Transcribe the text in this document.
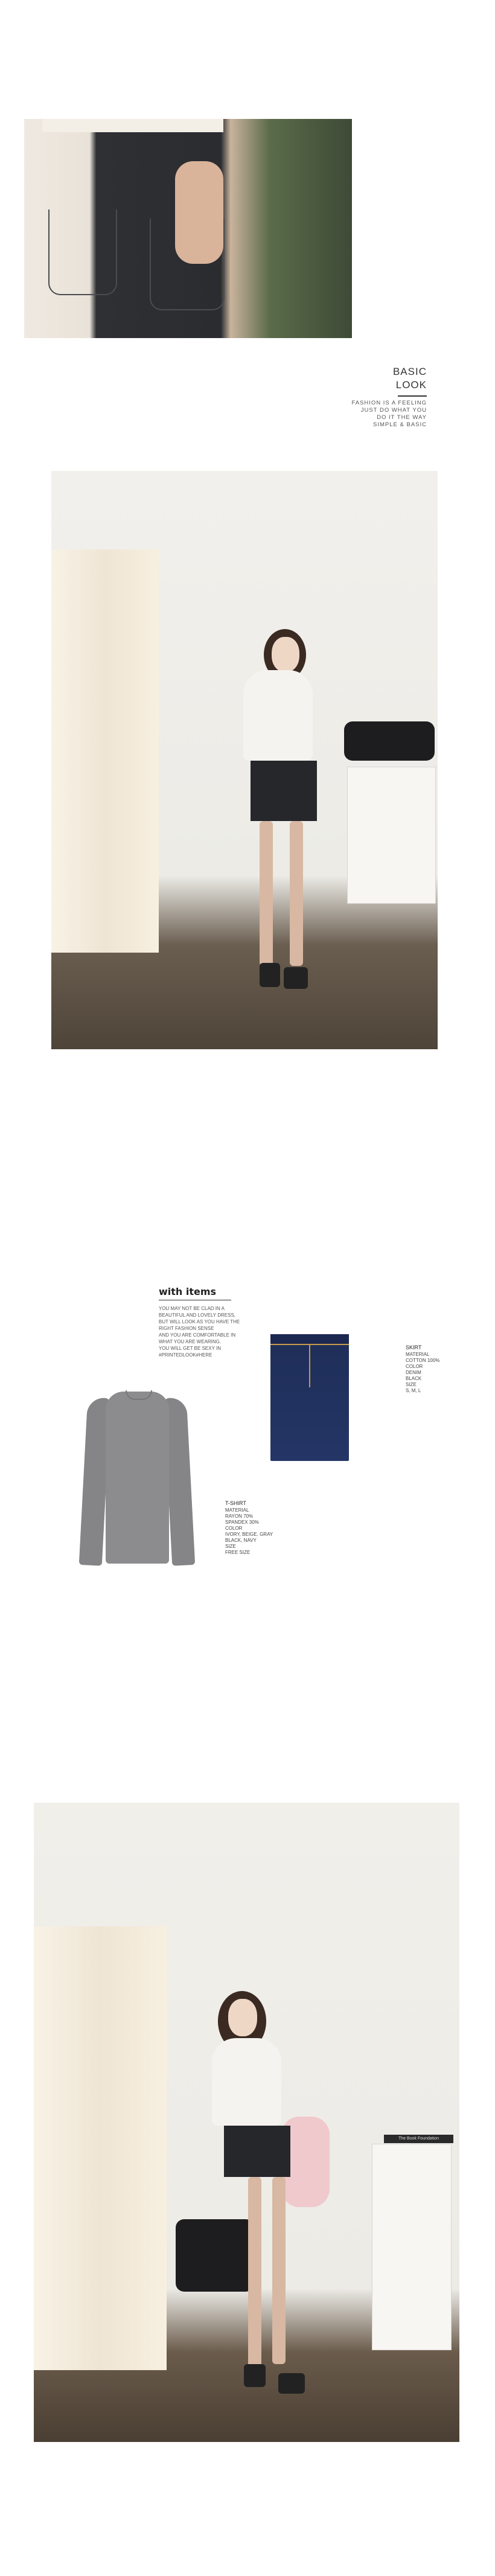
BASIC
LOOK
FASHION IS A FEELING
JUST DO WHAT YOU
DO IT THE WAY
SIMPLE & BASIC
with items
YOU MAY NOT BE CLAD IN A
BEAUTIFUL AND LOVELY DRESS,
BUT WILL LOOK AS YOU HAVE THE
RIGHT FASHION SENSE
AND YOU ARE COMFORTABLE IN
WHAT YOU ARE WEARING.
YOU WILL GET BE SEXY IN
#PRINTEDLOOK#HERE
SKIRT
MATERIAL
COTTON 100%
COLOR
DENIM
BLACK
SIZE
S, M, L
T-SHIRT
MATERIAL
RAYON 70%
SPANDEX 30%
COLOR
IVORY, BEIGE, GRAY
BLACK, NAVY
SIZE
FREE SIZE
The Book Foundation
